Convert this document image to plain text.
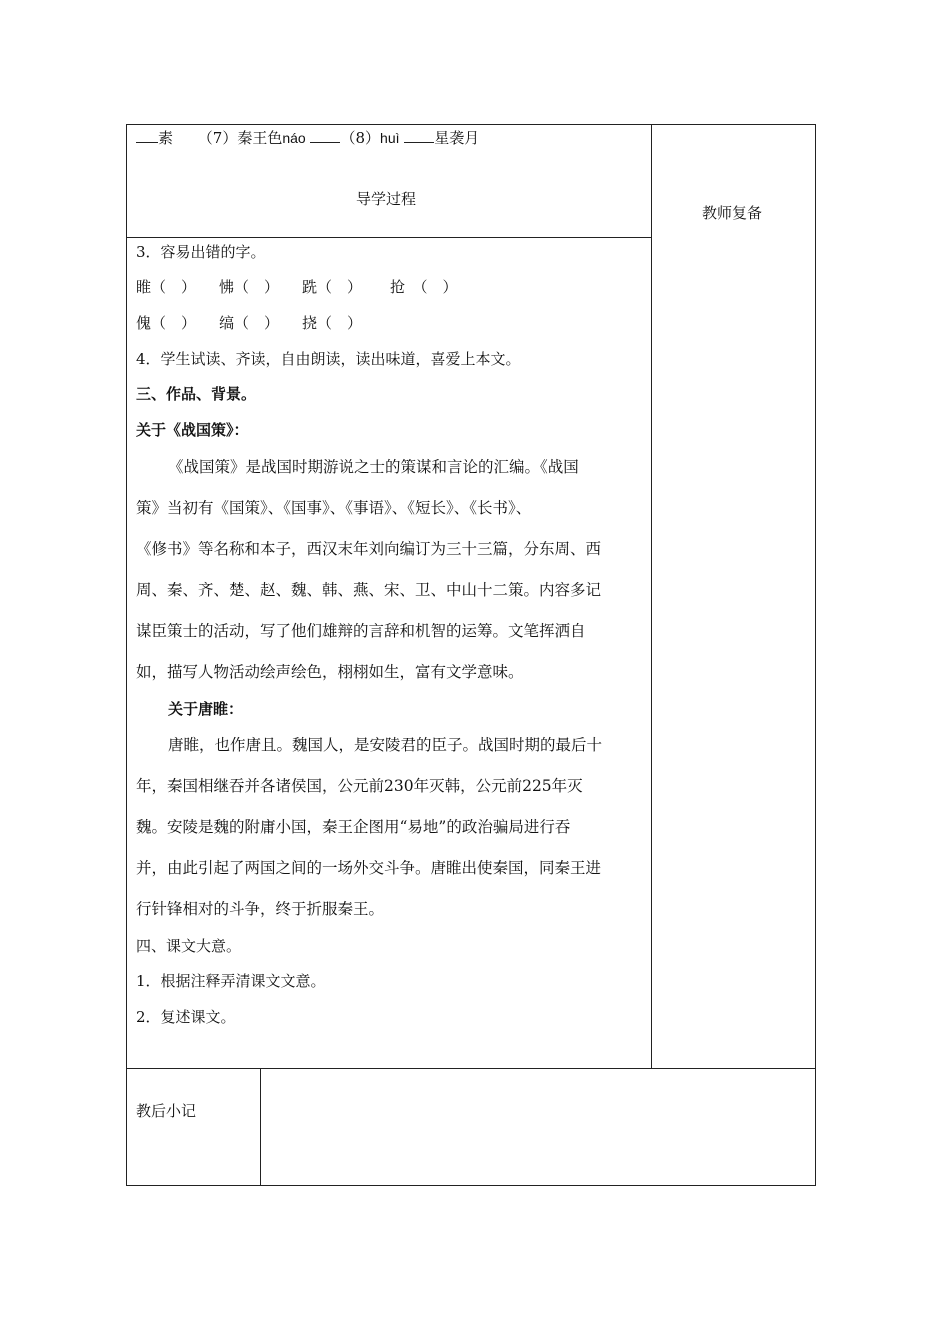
素 （7）秦王色náo （8）huì 星袭月
导学过程
教师复备
3．容易出错的字。
睢（　） 怫（　） 跣（　） 抢　（　）
傀（　） 缟（　） 挠（　）
4．学生试读、齐读，自由朗读，读出味道，喜爱上本文。
三、作品、背景。
关于《战国策》：
《战国策》是战国时期游说之士的策谋和言论的汇编。《战国
策》当初有《国策》、《国事》、《事语》、《短长》、《长书》、
《修书》等名称和本子，西汉末年刘向编订为三十三篇，分东周、西
周、秦、齐、楚、赵、魏、韩、燕、宋、卫、中山十二策。内容多记
谋臣策士的活动，写了他们雄辩的言辞和机智的运筹。文笔挥洒自
如，描写人物活动绘声绘色，栩栩如生，富有文学意味。
关于唐睢：
唐睢，也作唐且。魏国人，是安陵君的臣子。战国时期的最后十
年，秦国相继吞并各诸侯国，公元前230年灭韩，公元前225年灭
魏。安陵是魏的附庸小国，秦王企图用“易地”的政治骗局进行吞
并，由此引起了两国之间的一场外交斗争。唐睢出使秦国，同秦王进
行针锋相对的斗争，终于折服秦王。
四、课文大意。
1．根据注释弄清课文文意。
2．复述课文。
教后小记
